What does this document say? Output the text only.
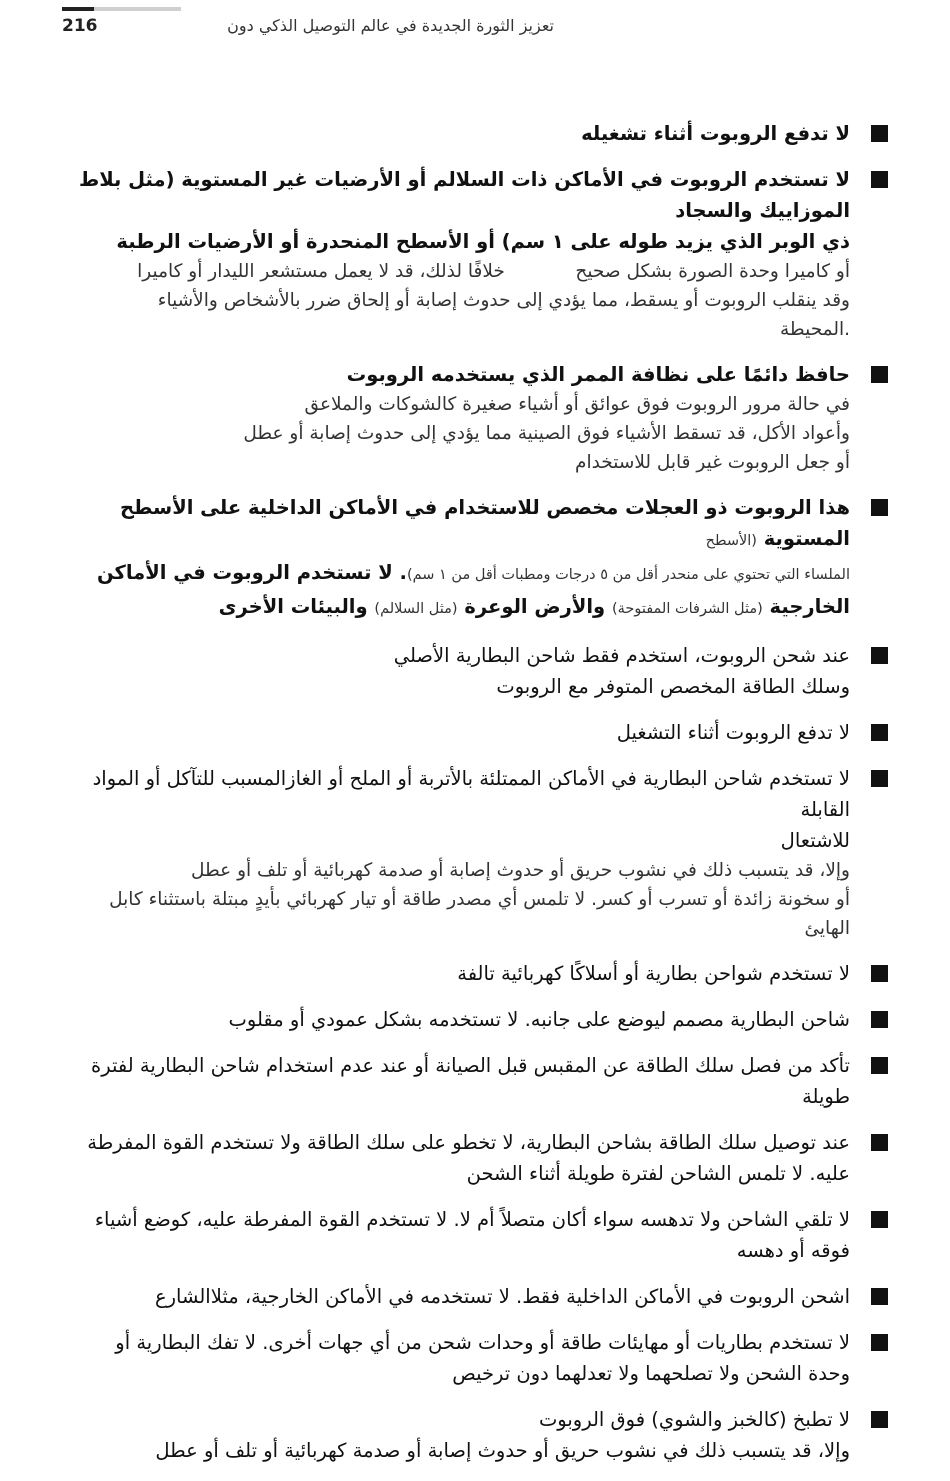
216	تعزيز الثورة الجديدة في عالم التوصيل الذكي دون
لا تدفع الروبوت أثناء تشغيله
لا تستخدم الروبوت في الأماكن ذات السلالم أو الأرضيات غير المستوية (مثل بلاط الموزاييك والسجاد
ذي الوبر الذي يزيد طوله على ١ سم) أو الأسطح المنحدرة أو الأرضيات الرطبة
أو كاميرا وحدة الصورة بشكل صحيح            خلافًا لذلك، قد لا يعمل مستشعر الليدار أو كاميرا
وقد ينقلب الروبوت أو يسقط، مما يؤدي إلى حدوث إصابة أو إلحاق ضرر بالأشخاص والأشياء
.المحيطة
حافظ دائمًا على نظافة الممر الذي يستخدمه الروبوت
في حالة مرور الروبوت فوق عوائق أو أشياء صغيرة كالشوكات والملاعق
وأعواد الأكل، قد تسقط الأشياء فوق الصينية مما يؤدي إلى حدوث إصابة أو عطل
أو جعل الروبوت غير قابل للاستخدام
هذا الروبوت ذو العجلات مخصص للاستخدام في الأماكن الداخلية على الأسطح المستوية (الأسطح
الملساء التي تحتوي على منحدر أقل من ٥ درجات ومطبات أقل من ١ سم). لا تستخدم الروبوت في الأماكن
الخارجية (مثل الشرفات المفتوحة) والأرض الوعرة (مثل السلالم) والبيئات الأخرى
عند شحن الروبوت، استخدم فقط شاحن البطارية الأصلي
وسلك الطاقة المخصص المتوفر مع الروبوت
لا تدفع الروبوت أثناء التشغيل
لا تستخدم شاحن البطارية في الأماكن الممتلئة بالأتربة أو الملح أو الغازالمسبب للتآكل أو المواد القابلة
للاشتعال
وإلا، قد يتسبب ذلك في نشوب حريق أو حدوث إصابة أو صدمة كهربائية أو تلف أو عطل
أو سخونة زائدة أو تسرب أو كسر. لا تلمس أي مصدر طاقة أو تيار كهربائي بأيدٍ مبتلة باستثناء كابل
الهايئ
لا تستخدم شواحن بطارية أو أسلاكًا كهربائية تالفة
شاحن البطارية مصمم ليوضع على جانبه. لا تستخدمه بشكل عمودي أو مقلوب
تأكد من فصل سلك الطاقة عن المقبس قبل الصيانة أو عند عدم استخدام شاحن البطارية لفترة
طويلة
عند توصيل سلك الطاقة بشاحن البطارية، لا تخطو على سلك الطاقة ولا تستخدم القوة المفرطة
عليه. لا تلمس الشاحن لفترة طويلة أثناء الشحن
لا تلقي الشاحن ولا تدهسه سواء أكان متصلاً أم لا. لا تستخدم القوة المفرطة عليه، كوضع أشياء
فوقه أو دهسه
اشحن الروبوت في الأماكن الداخلية فقط. لا تستخدمه في الأماكن الخارجية، مثلاالشارع
لا تستخدم بطاريات أو مهايئات طاقة أو وحدات شحن من أي جهات أخرى. لا تفك البطارية أو
وحدة الشحن ولا تصلحهما ولا تعدلهما دون ترخيص
لا تطبخ (كالخبز والشوي) فوق الروبوت
وإلا، قد يتسبب ذلك في نشوب حريق أو حدوث إصابة أو صدمة كهربائية أو تلف أو عطل
